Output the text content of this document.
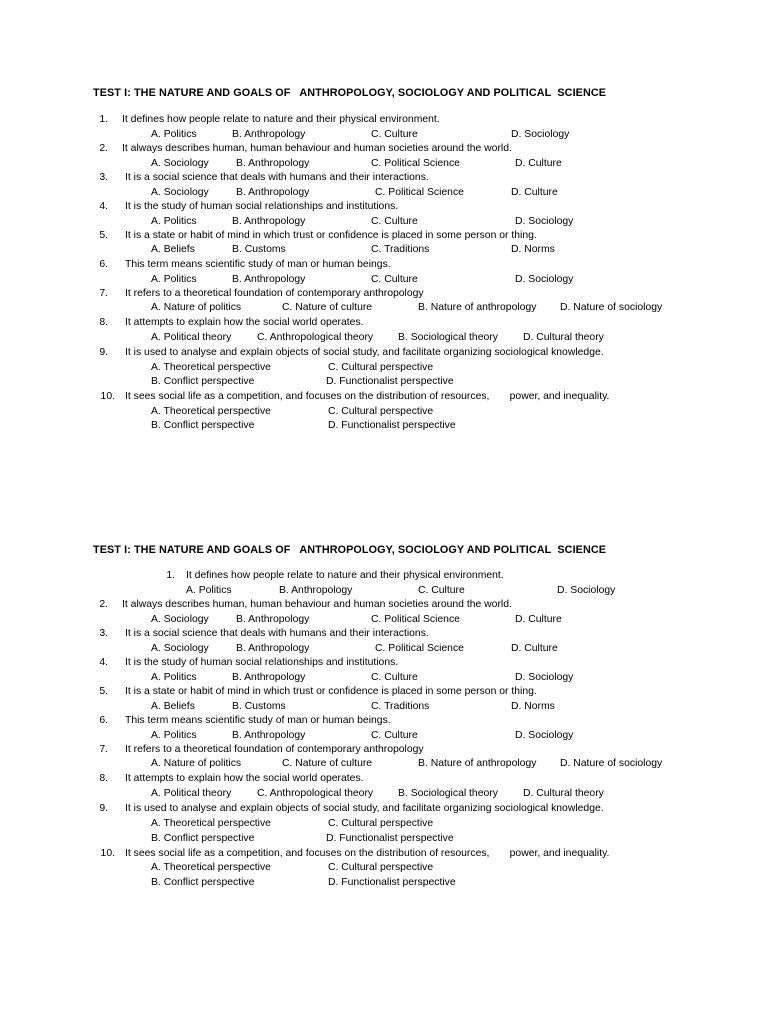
TEST I: THE NATURE AND GOALS OF   ANTHROPOLOGY, SOCIOLOGY AND POLITICAL  SCIENCE
1. It defines how people relate to nature and their physical environment.
A. Politics	B. Anthropology	C. Culture	D. Sociology
2. It always describes human, human behaviour and human societies around the world.
A. Sociology	B. Anthropology	C. Political Science	D. Culture
3. It is a social science that deals with humans and their interactions.
A. Sociology	B. Anthropology	C. Political Science	D. Culture
4. It is the study of human social relationships and institutions.
A. Politics	B. Anthropology	C. Culture	D. Sociology
5. It is a state or habit of mind in which trust or confidence is placed in some person or thing.
A. Beliefs	B. Customs	C. Traditions	D. Norms
6. This term means scientific study of man or human beings.
A. Politics	B. Anthropology	C. Culture	D. Sociology
7. It refers to a theoretical foundation of contemporary anthropology
A. Nature of politics	C. Nature of culture	B. Nature of anthropology D. Nature of sociology
8. It attempts to explain how the social world operates.
A. Political theory C. Anthropological theory B. Sociological theory D. Cultural theory
9. It is used to analyse and explain objects of social study, and facilitate organizing sociological knowledge.
A. Theoretical perspective	C. Cultural perspective
B. Conflict perspective	D. Functionalist perspective
10. It sees social life as a competition, and focuses on the distribution of resources,       power, and inequality.
A. Theoretical perspective	C. Cultural perspective
B. Conflict perspective	D. Functionalist perspective
TEST I: THE NATURE AND GOALS OF   ANTHROPOLOGY, SOCIOLOGY AND POLITICAL  SCIENCE
1. It defines how people relate to nature and their physical environment.
A. Politics	B. Anthropology	C. Culture	D. Sociology
2. It always describes human, human behaviour and human societies around the world.
A. Sociology	B. Anthropology	C. Political Science	D. Culture
3. It is a social science that deals with humans and their interactions.
A. Sociology	B. Anthropology	C. Political Science	D. Culture
4. It is the study of human social relationships and institutions.
A. Politics	B. Anthropology	C. Culture	D. Sociology
5. It is a state or habit of mind in which trust or confidence is placed in some person or thing.
A. Beliefs	B. Customs	C. Traditions	D. Norms
6. This term means scientific study of man or human beings.
A. Politics	B. Anthropology	C. Culture	D. Sociology
7. It refers to a theoretical foundation of contemporary anthropology
A. Nature of politics	C. Nature of culture	B. Nature of anthropology D. Nature of sociology
8. It attempts to explain how the social world operates.
A. Political theory C. Anthropological theory B. Sociological theory D. Cultural theory
9. It is used to analyse and explain objects of social study, and facilitate organizing sociological knowledge.
A. Theoretical perspective	C. Cultural perspective
B. Conflict perspective	D. Functionalist perspective
10. It sees social life as a competition, and focuses on the distribution of resources,       power, and inequality.
A. Theoretical perspective	C. Cultural perspective
B. Conflict perspective	D. Functionalist perspective
